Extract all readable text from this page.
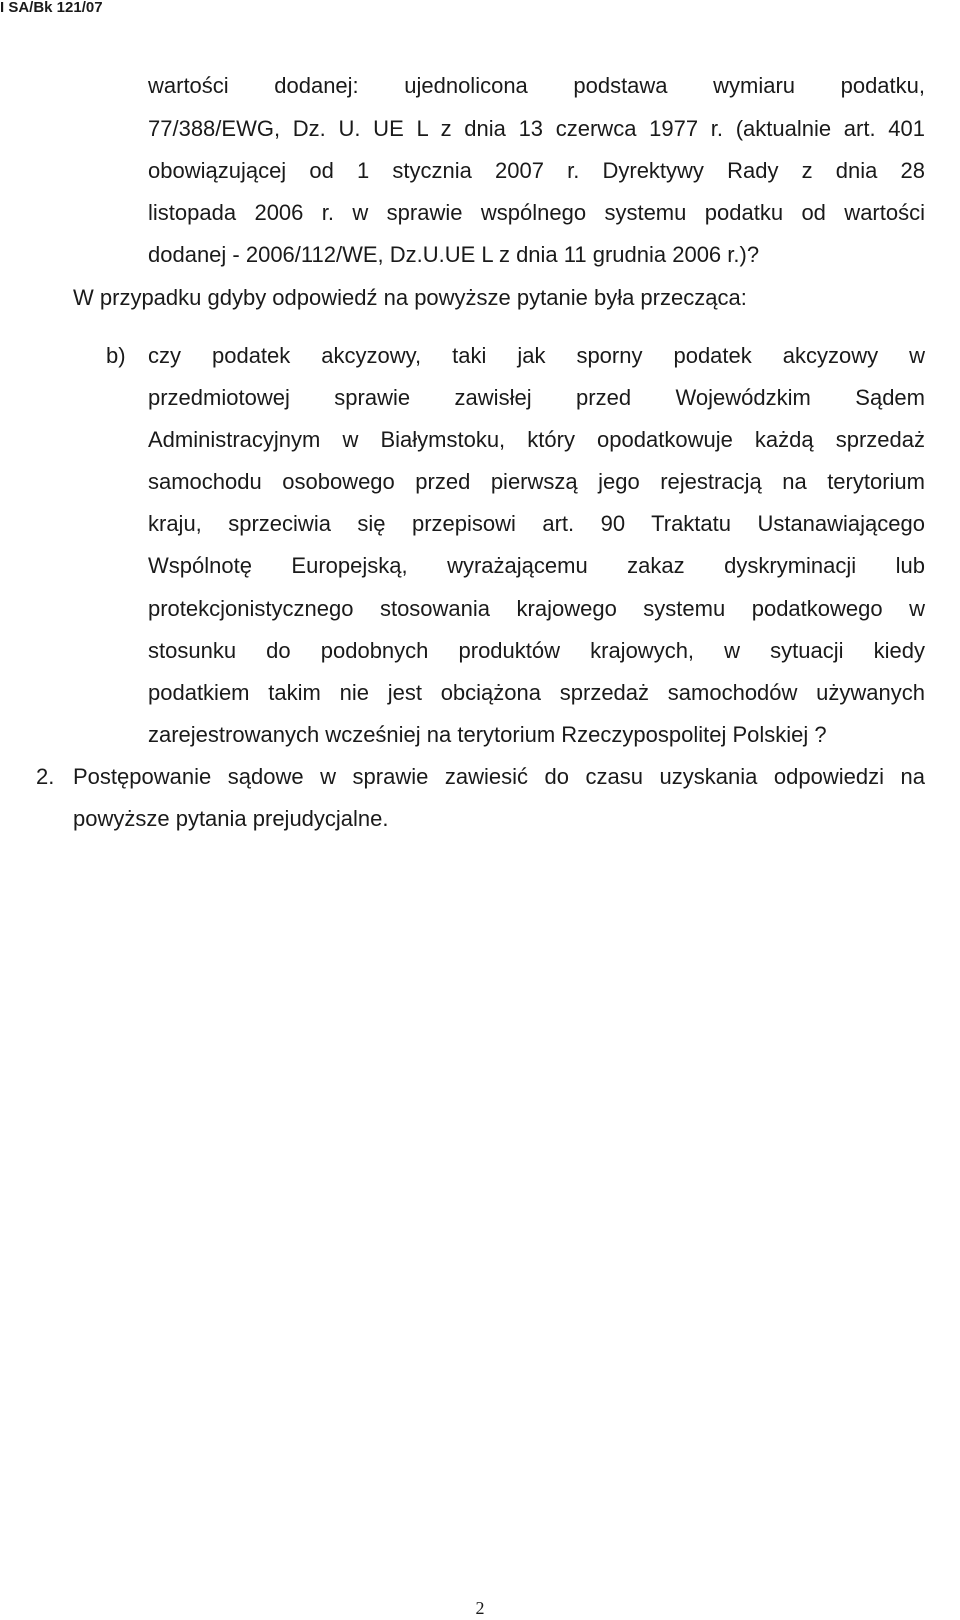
I SA/Bk 121/07
wartości dodanej: ujednolicona podstawa wymiaru podatku,
77/388/EWG, Dz. U. UE L z dnia 13 czerwca 1977 r. (aktualnie art. 401
obowiązującej od 1 stycznia 2007 r. Dyrektywy Rady z dnia 28
listopada 2006 r. w sprawie wspólnego systemu podatku od wartości
dodanej - 2006/112/WE, Dz.U.UE L z dnia 11 grudnia 2006 r.)?
W przypadku gdyby odpowiedź na powyższe pytanie była przecząca:
b) czy podatek akcyzowy, taki jak sporny podatek akcyzowy w
przedmiotowej sprawie zawisłej przed Wojewódzkim Sądem
Administracyjnym w Białymstoku, który opodatkowuje każdą sprzedaż
samochodu osobowego przed pierwszą jego rejestracją na terytorium
kraju, sprzeciwia się przepisowi art. 90 Traktatu Ustanawiającego
Wspólnotę Europejską, wyrażającemu zakaz dyskryminacji lub
protekcjonistycznego stosowania krajowego systemu podatkowego w
stosunku do podobnych produktów krajowych, w sytuacji kiedy
podatkiem takim nie jest obciążona sprzedaż samochodów używanych
zarejestrowanych wcześniej na terytorium Rzeczypospolitej Polskiej ?
2. Postępowanie sądowe w sprawie zawiesić do czasu uzyskania odpowiedzi na
powyższe pytania prejudycjalne.
2
